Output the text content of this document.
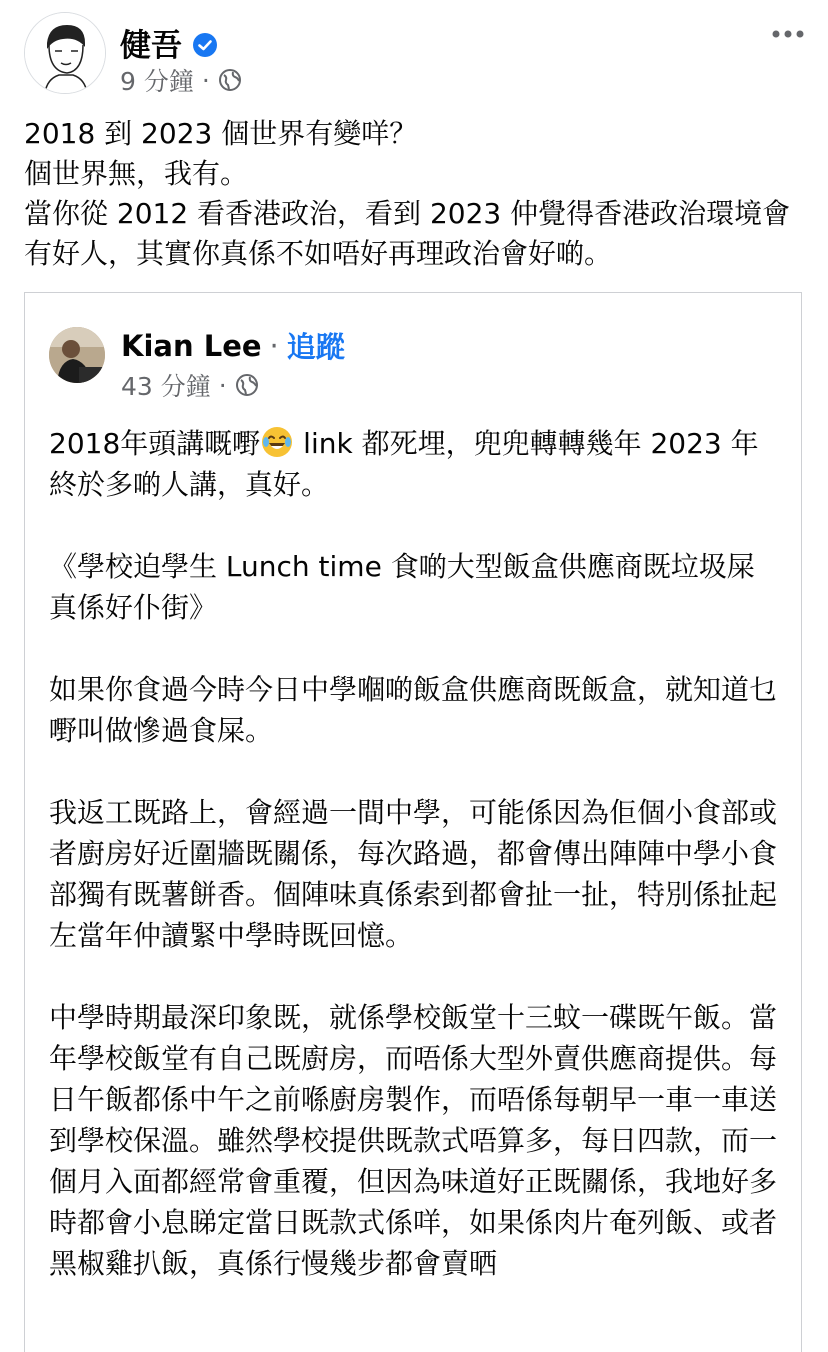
健吾
9 分鐘 ·
2018 到 2023 個世界有變咩？
個世界無，我有。
當你從 2012 看香港政治，看到 2023 仲覺得香港政治環境會有好人，其實你真係不如唔好再理政治會好啲。
Kian Lee · 追蹤
43 分鐘 ·

2018年頭講嘅嘢 link 都死埋，兜兜轉轉幾年 2023 年終於多啲人講，真好。

《學校迫學生 Lunch time 食啲大型飯盒供應商既垃圾屎真係好仆街》

如果你食過今時今日中學嗰啲飯盒供應商既飯盒，就知道乜嘢叫做慘過食屎。

我返工既路上，會經過一間中學，可能係因為佢個小食部或者廚房好近圍牆既關係，每次路過，都會傳出陣陣中學小食部獨有既薯餅香。個陣味真係索到都會扯一扯，特別係扯起左當年仲讀緊中學時既回憶。

中學時期最深印象既，就係學校飯堂十三蚊一碟既午飯。當年學校飯堂有自己既廚房，而唔係大型外賣供應商提供。每日午飯都係中午之前喺廚房製作，而唔係每朝早一車一車送到學校保溫。雖然學校提供既款式唔算多，每日四款，而一個月入面都經常會重覆，但因為味道好正既關係，我地好多時都會小息睇定當日既款式係咩，如果係肉片奄列飯、或者黑椒雞扒飯，真係行慢幾步都會賣晒
